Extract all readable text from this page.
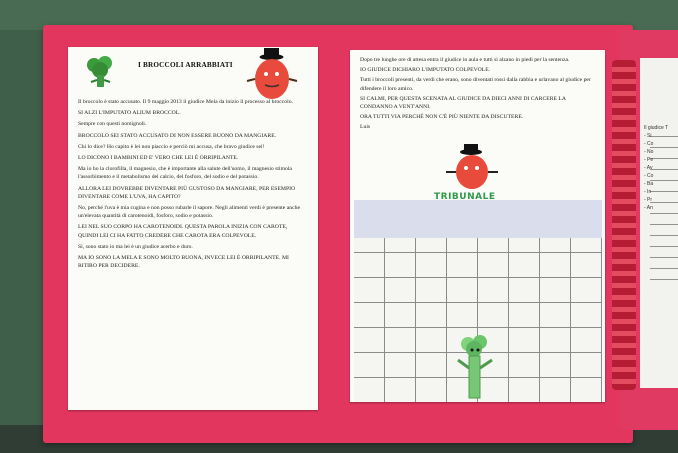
I BROCCOLI ARRABBIATI

Il broccolo è stato accusato. Il 9 maggio 2013 il giudice Mela da inizio il processo al broccolo.

SI ALZI L'IMPUTATO ALIUM BROCCOL.

Sempre con questi nomignoli.

BROCCOLO SEI STATO ACCUSATO DI NON ESSERE BUONO DA MANGIARE.

Chi lo dice? Ho capito è lei non piaccio e perciò mi accusa, che bravo giudice sei!

LO DICONO I BAMBINI ED E' VERO CHE LEI È ORRIPILANTE.

Ma io ho la clorofilla, il magnesio, che è importante alla salute dell'uomo, il magnesio stimola l'assorbimento e il metabolismo del calcio, del fosforo, del sodio e del potassio.

ALLORA LEI DOVREBBE DIVENTARE PIÙ GUSTOSO DA MANGIARE, PER ESEMPIO DIVENTARE COME L'UVA, HA CAPITO?

No, perché l'uva è mia cugina e non posso rubarle il sapore. Negli alimenti verdi è presente anche un'elevata quantità di carotenoidi, fosforo, sodio e potassio.

LEI NEL SUO CORPO HA CAROTENOIDI. QUESTA PAROLA INIZIA CON CAROTE, QUINDI LEI CI HA FATTO CREDERE CHE CAROTA ERA COLPEVOLE.

Si, sono stato io ma lei è un giudice acerbo e duro.

MA IO SONO LA MELA E SONO MOLTO BUONA, INVECE LEI È ORRIPILANTE. MI RITIRO PER DECIDERE.

Dopo tre lunghe ore di attesa entra il giudice in aula e tutti si alzano in piedi per la sentenza.

IO GIUDICE DICHIARO L'IMPUTATO COLPEVOLE.

Tutti i broccoli presenti, da verdi che erano, sono diventati rossi dalla rabbia e urlavano al giudice per difendere il loro amico.

SI CALMI, PER QUESTA SCENATA AL GIUDICE DA DIECI ANNI DI CARCERE LA CONDANNO A VENT'ANNI.

ORA TUTTI VIA PERCHÉ NON C'È PIÙ NIENTE DA DISCUTERE.

Luis

TRIBUNALE
Il giudice T
- Si
- Co
- No
- Pe
- Av
- Co
- Ba
- In
- Pr
- An
